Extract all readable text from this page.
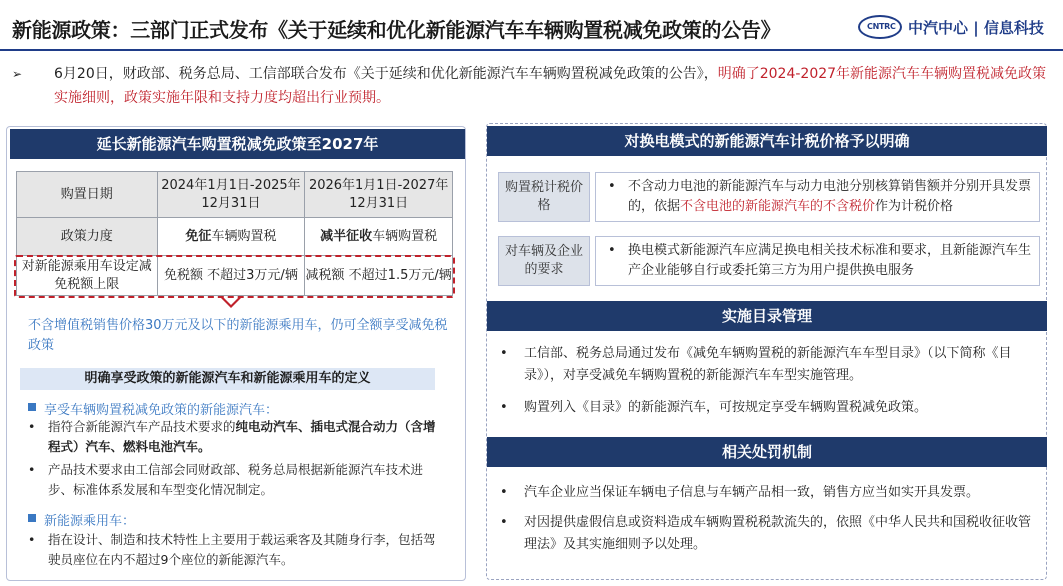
新能源政策：三部门正式发布《关于延续和优化新能源汽车车辆购置税减免政策的公告》	CNTRC 中汽中心 | 信息科技
➢	6月20日，财政部、税务总局、工信部联合发布《关于延续和优化新能源汽车车辆购置税减免政策的公告》，明确了2024-2027年新能源汽车车辆购置税减免政策实施细则，政策实施年限和支持力度均超出行业预期。
延长新能源汽车购置税减免政策至2027年
购置日期	2024年1月1日-2025年12月31日	2026年1月1日-2027年12月31日
政策力度	免征车辆购置税	减半征收车辆购置税
对新能源乘用车设定减免税额上限	免税额 不超过3万元/辆	减税额 不超过1.5万元/辆
不含增值税销售价格30万元及以下的新能源乘用车，仍可全额享受减免税政策
明确享受政策的新能源汽车和新能源乘用车的定义
享受车辆购置税减免政策的新能源汽车：
•	指符合新能源汽车产品技术要求的纯电动汽车、插电式混合动力（含增程式）汽车、燃料电池汽车。
•	产品技术要求由工信部会同财政部、税务总局根据新能源汽车技术进步、标准体系发展和车型变化情况制定。
新能源乘用车：
•	指在设计、制造和技术特性上主要用于载运乘客及其随身行李，包括驾驶员座位在内不超过9个座位的新能源汽车。
对换电模式的新能源汽车计税价格予以明确
购置税计税价格
• 不含动力电池的新能源汽车与动力电池分别核算销售额并分别开具发票的，依据不含电池的新能源汽车的不含税价作为计税价格
对车辆及企业的要求
• 换电模式新能源汽车应满足换电相关技术标准和要求，且新能源汽车生产企业能够自行或委托第三方为用户提供换电服务
实施目录管理
•	工信部、税务总局通过发布《减免车辆购置税的新能源汽车车型目录》（以下简称《目录》），对享受减免车辆购置税的新能源汽车车型实施管理。
•	购置列入《目录》的新能源汽车，可按规定享受车辆购置税减免政策。
相关处罚机制
•	汽车企业应当保证车辆电子信息与车辆产品相一致，销售方应当如实开具发票。
•	对因提供虚假信息或资料造成车辆购置税税款流失的，依照《中华人民共和国税收征收管理法》及其实施细则予以处理。
